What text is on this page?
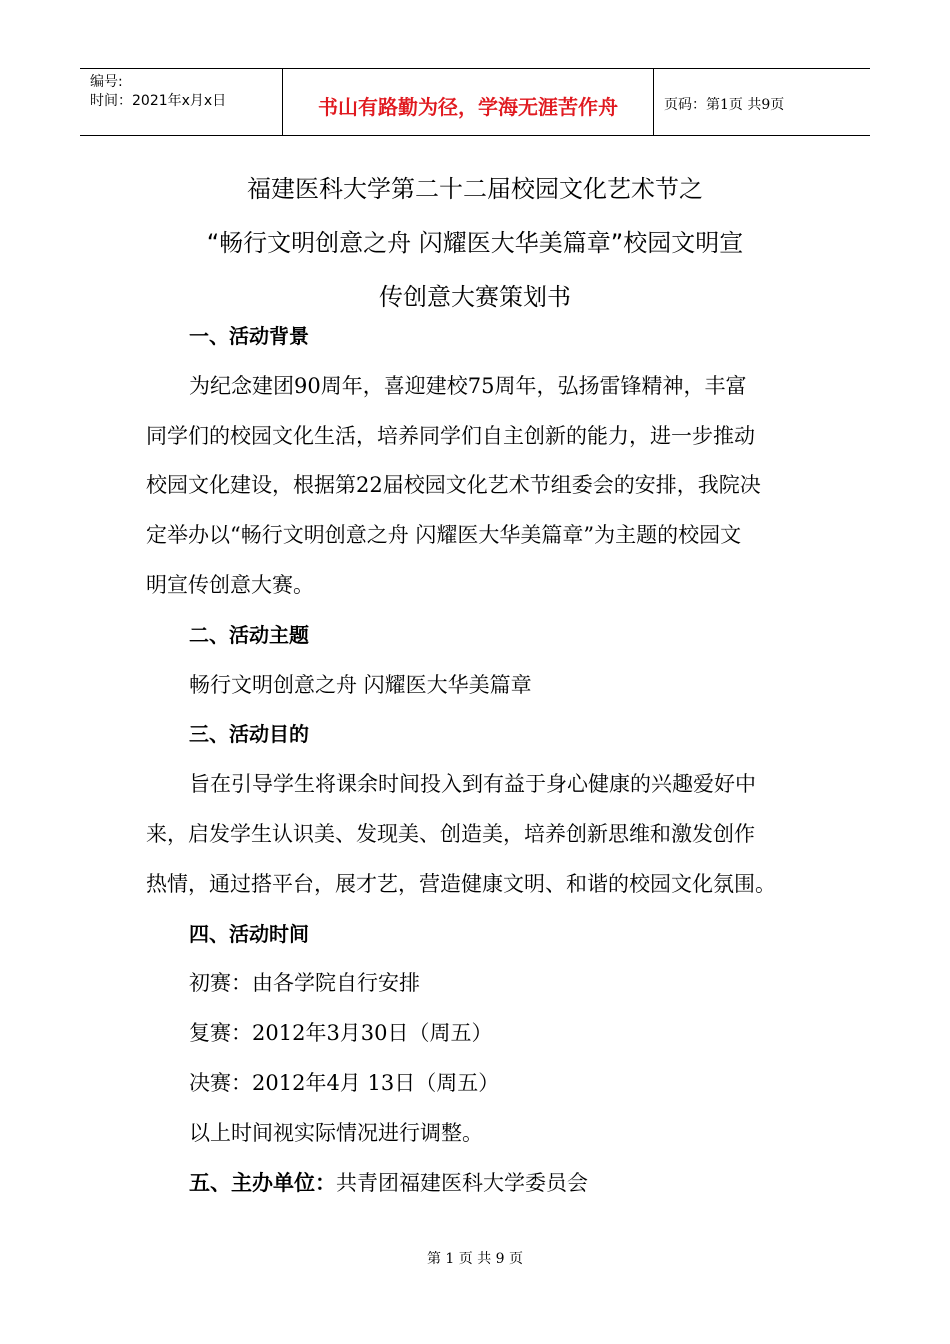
编号:
时间：2021年x月x日	书山有路勤为径，学海无涯苦作舟	页码：第1页 共9页
福建医科大学第二十二届校园文化艺术节之
“畅行文明创意之舟 闪耀医大华美篇章”校园文明宣
传创意大赛策划书
一、活动背景
为纪念建团90周年，喜迎建校75周年，弘扬雷锋精神，丰富
同学们的校园文化生活，培养同学们自主创新的能力，进一步推动
校园文化建设，根据第22届校园文化艺术节组委会的安排，我院决
定举办以“畅行文明创意之舟 闪耀医大华美篇章”为主题的校园文
明宣传创意大赛。
二、活动主题
畅行文明创意之舟 闪耀医大华美篇章
三、活动目的
旨在引导学生将课余时间投入到有益于身心健康的兴趣爱好中
来，启发学生认识美、发现美、创造美，培养创新思维和激发创作
热情，通过搭平台，展才艺，营造健康文明、和谐的校园文化氛围。
四、活动时间
初赛：由各学院自行安排
复赛：2012年3月30日（周五）
决赛：2012年4月 13日（周五）
以上时间视实际情况进行调整。
五、主办单位：共青团福建医科大学委员会
第 1 页 共 9 页
